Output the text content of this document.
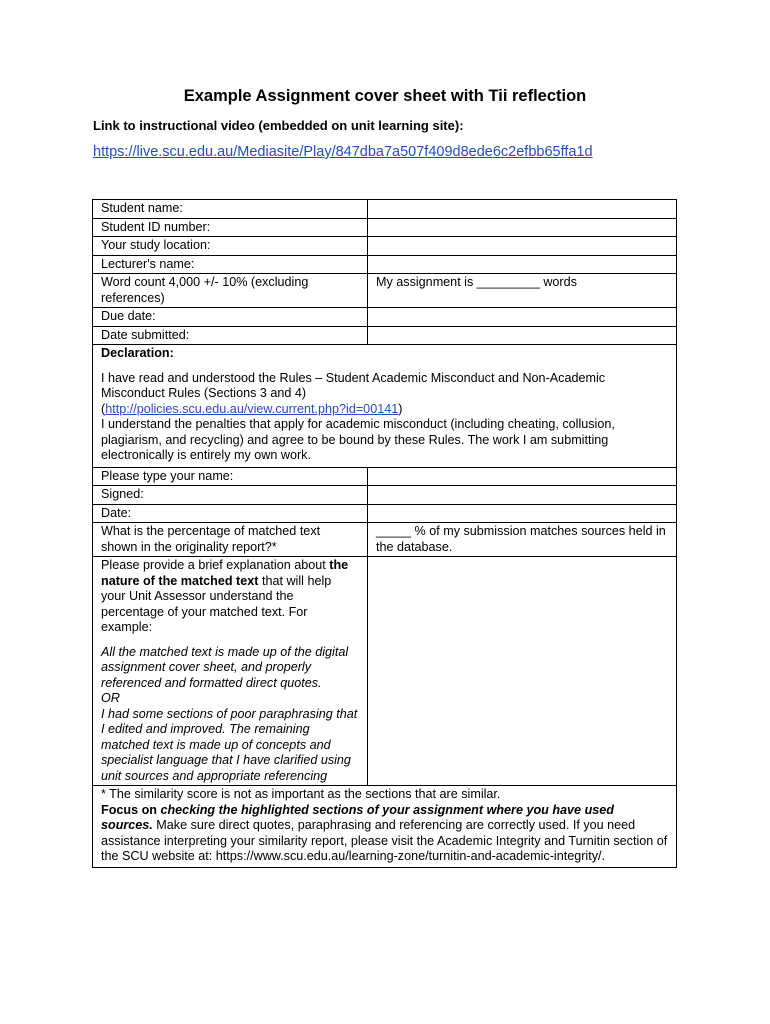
Example Assignment cover sheet with Tii reflection
Link to instructional video (embedded on unit learning site):
https://live.scu.edu.au/Mediasite/Play/847dba7a507f409d8ede6c2efbb65ffa1d
Student name:	
Student ID number:	
Your study location:	
Lecturer's name:	
Word count 4,000 +/- 10% (excluding references)	My assignment is _________ words
Due date:	
Date submitted:	

Declaration:
I have read and understood the Rules – Student Academic Misconduct and Non-Academic Misconduct Rules (Sections 3 and 4)
(http://policies.scu.edu.au/view.current.php?id=00141)
I understand the penalties that apply for academic misconduct (including cheating, collusion, plagiarism, and recycling) and agree to be bound by these Rules. The work I am submitting electronically is entirely my own work.	

Please type your name:	
Signed:	
Date:	
What is the percentage of matched text shown in the originality report?*	_____ % of my submission matches sources held in the database.

Please provide a brief explanation about the nature of the matched text that will help your Unit Assessor understand the percentage of your matched text. For example:
All the matched text is made up of the digital assignment cover sheet, and properly referenced and formatted direct quotes.
OR
I had some sections of poor paraphrasing that I edited and improved. The remaining matched text is made up of concepts and specialist language that I have clarified using unit sources and appropriate referencing	

* The similarity score is not as important as the sections that are similar.
Focus on checking the highlighted sections of your assignment where you have used sources. Make sure direct quotes, paraphrasing and referencing are correctly used. If you need assistance interpreting your similarity report, please visit the Academic Integrity and Turnitin section of the SCU website at: https://www.scu.edu.au/learning-zone/turnitin-and-academic-integrity/.	
